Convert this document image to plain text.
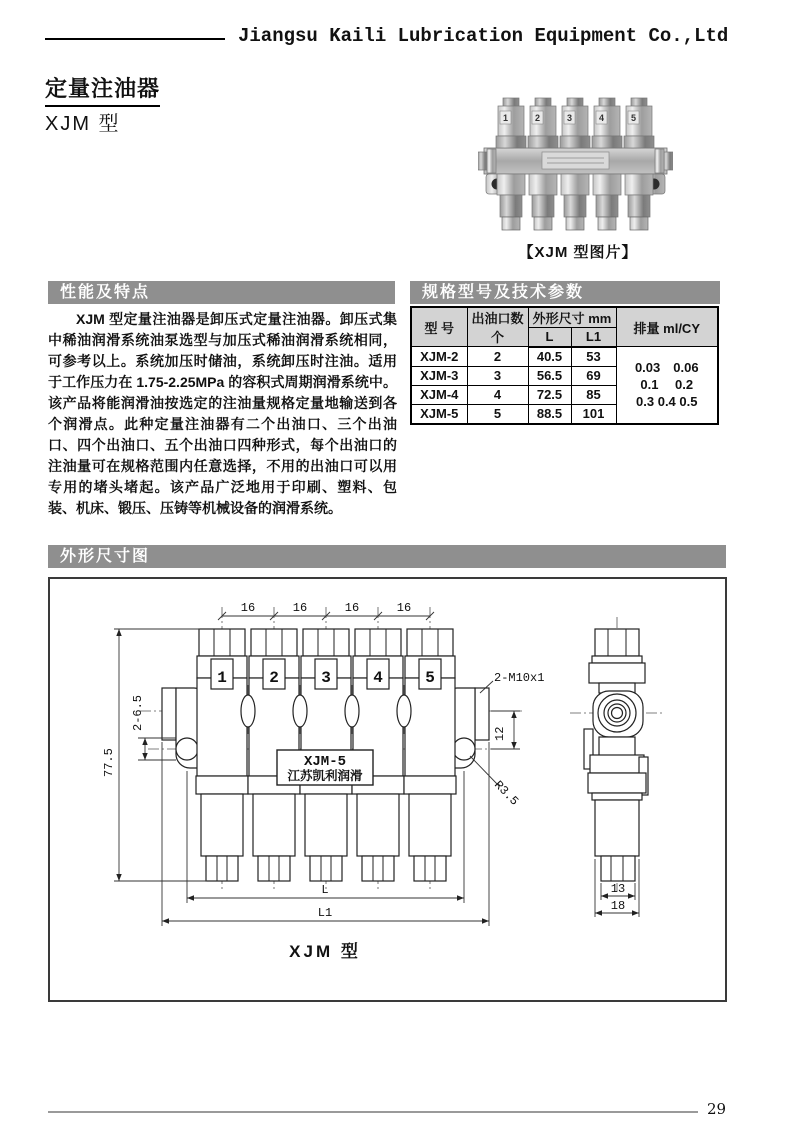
Jiangsu Kaili Lubrication Equipment Co.,Ltd
定量注油器
XJM 型	1	2	3	4	5
【XJM 型图片】
性能及特点
XJM 型定量注油器是卸压式定量注油器。卸压式集中稀油润滑系统油泵选型与加压式稀油润滑系统相同，可参考以上。系统加压时储油，系统卸压时注油。适用于工作压力在 1.75-2.25MPa 的容积式周期润滑系统中。该产品将能润滑油按选定的注油量规格定量地输送到各个润滑点。此种定量注油器有二个出油口、三个出油口、四个出油口、五个出油口四种形式，每个出油口的注油量可在规格范围内任意选择，不用的出油口可以用专用的堵头堵起。该产品广泛地用于印刷、塑料、包装、机床、锻压、压铸等机械设备的润滑系统。
规格型号及技术参数
型 号	出油口数
个	外形尺寸 mm		排量 ml/CY
		L	L1	
XJM-2	2	40.5	53	0.03　0.06
0.1　 0.2
0.3 0.4 0.5

XJM-3	3	56.5	69	
XJM-4	4	72.5	85	
XJM-5	5	88.5	101	
外形尺寸图
1	2	3	4	5
XJM-5
江苏凯利润滑
16	16	16	16
77.5
2-6.5
2-M10x1
12
R3.5
L
L1
XJM 型
13
18
29
